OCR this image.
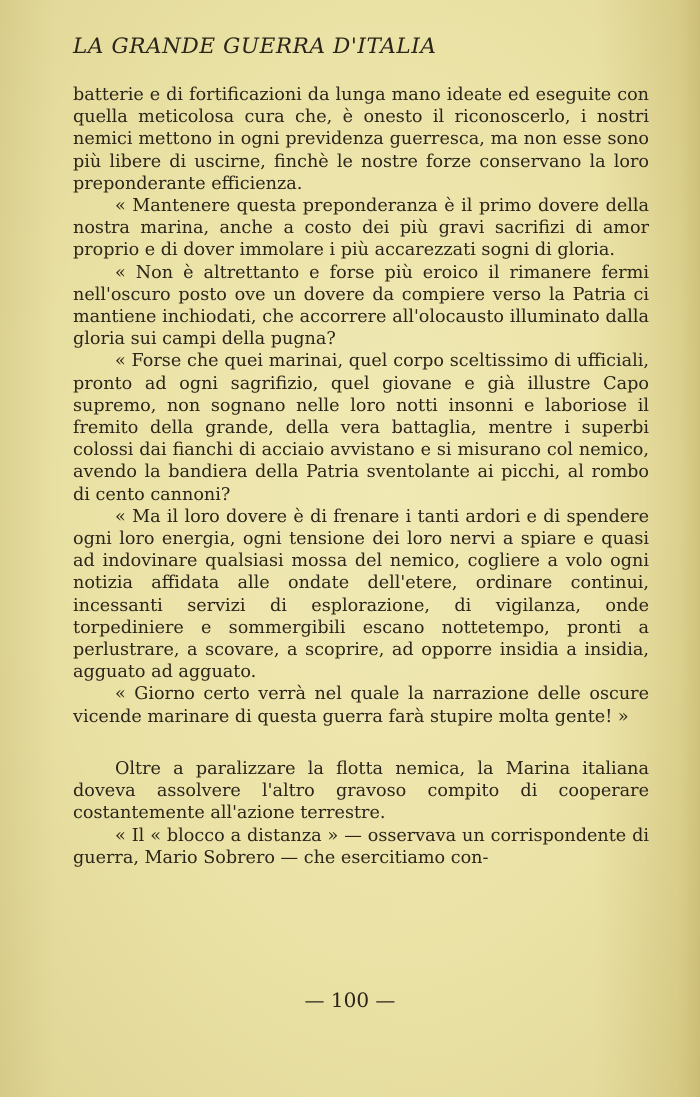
LA GRANDE GUERRA D'ITALIA

batterie e di fortificazioni da lunga mano ideate ed eseguite con quella meticolosa cura che, è onesto il riconoscerlo, i nostri nemici mettono in ogni previdenza guerresca, ma non esse sono più libere di uscirne, finchè le nostre forze conservano la loro preponderante efficienza.

« Mantenere questa preponderanza è il primo dovere della nostra marina, anche a costo dei più gravi sacrifizi di amor proprio e di dover immolare i più accarezzati sogni di gloria.

« Non è altrettanto e forse più eroico il rimanere fermi nell'oscuro posto ove un dovere da compiere verso la Patria ci mantiene inchiodati, che accorrere all'olocausto illuminato dalla gloria sui campi della pugna?

« Forse che quei marinai, quel corpo sceltissimo di ufficiali, pronto ad ogni sagrifizio, quel giovane e già illustre Capo supremo, non sognano nelle loro notti insonni e laboriose il fremito della grande, della vera battaglia, mentre i superbi colossi dai fianchi di acciaio avvistano e si misurano col nemico, avendo la bandiera della Patria sventolante ai picchi, al rombo di cento cannoni?

« Ma il loro dovere è di frenare i tanti ardori e di spendere ogni loro energia, ogni tensione dei loro nervi a spiare e quasi ad indovinare qualsiasi mossa del nemico, cogliere a volo ogni notizia affidata alle ondate dell'etere, ordinare continui, incessanti servizi di esplorazione, di vigilanza, onde torpediniere e sommergibili escano nottetempo, pronti a perlustrare, a scovare, a scoprire, ad opporre insidia a insidia, agguato ad agguato.

« Giorno certo verrà nel quale la narrazione delle oscure vicende marinare di questa guerra farà stupire molta gente! »

Oltre a paralizzare la flotta nemica, la Marina italiana doveva assolvere l'altro gravoso compito di cooperare costantemente all'azione terrestre.

« Il « blocco a distanza » — osservava un corrispondente di guerra, Mario Sobrero — che esercitiamo con-

— 100 —
